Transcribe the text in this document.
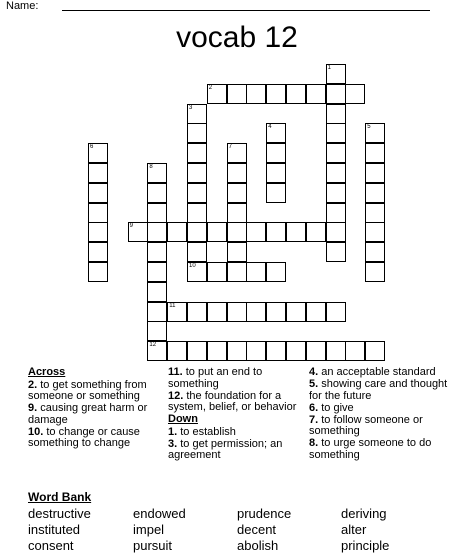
Name:
vocab 12
1
2
3
10
4	5
6	7
8
9
11
12
Across
2. to get something from someone or something
9. causing great harm or damage
10. to change or cause something to change
11. to put an end to something
12. the foundation for a system, belief, or behavior
Down
1. to establish
3. to get permission; an agreement
4. an acceptable standard
5. showing care and thought for the future
6. to give
7. to follow someone or something
8. to urge someone to do something
Word Bank
destructive	endowed	prudence	deriving
instituted	impel	decent	alter
consent	pursuit	abolish	principle
